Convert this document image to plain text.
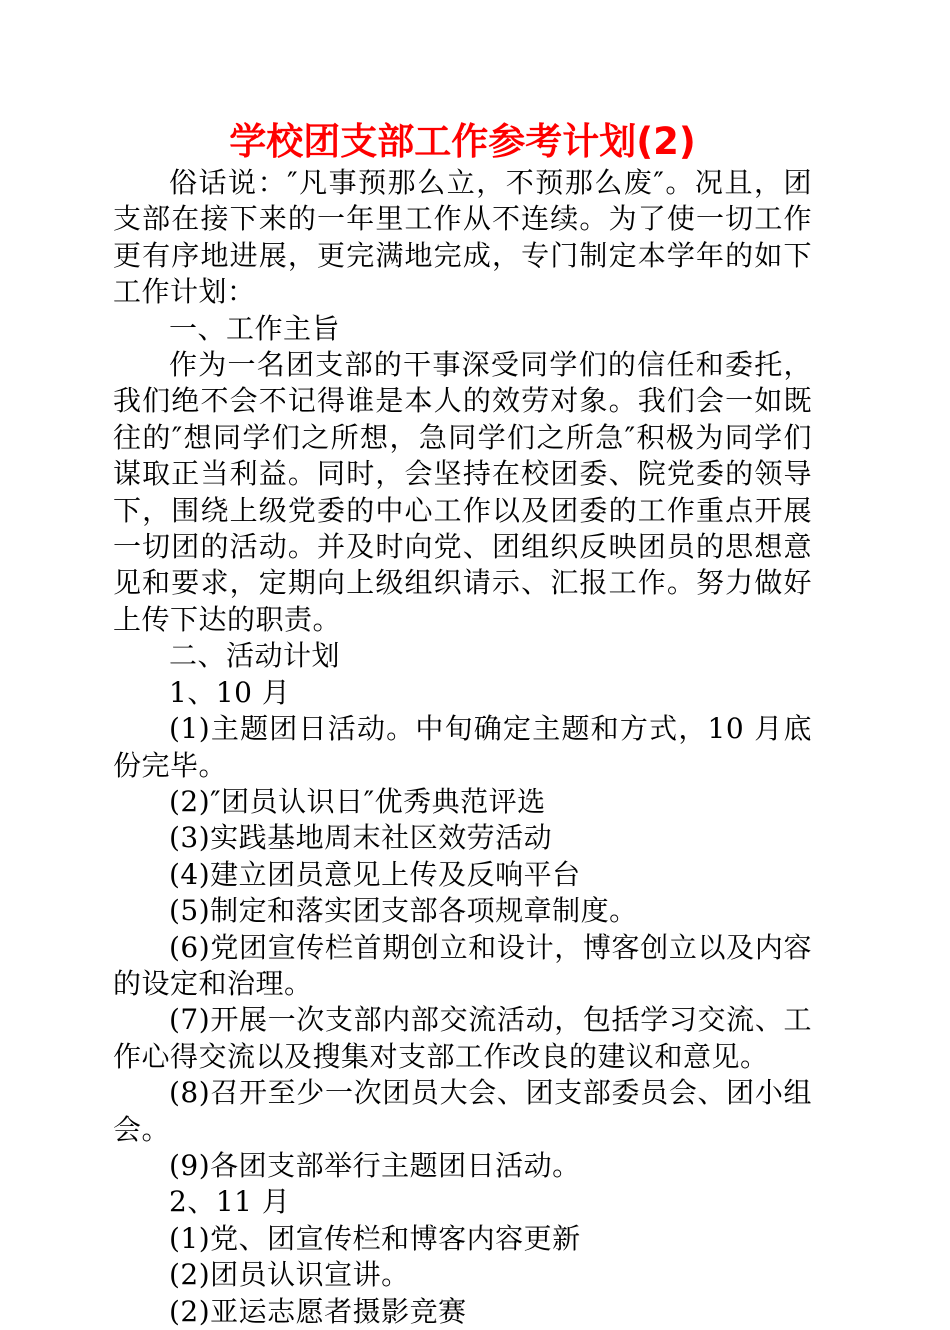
学校团支部工作参考计划(2)

俗话说：″凡事预那么立，不预那么废″。况且，团支部在接下来的一年里工作从不连续。为了使一切工作更有序地进展，更完满地完成，专门制定本学年的如下工作计划：

一、工作主旨

作为一名团支部的干事深受同学们的信任和委托，我们绝不会不记得谁是本人的效劳对象。我们会一如既往的″想同学们之所想，急同学们之所急″积极为同学们谋取正当利益。同时，会坚持在校团委、院党委的领导下，围绕上级党委的中心工作以及团委的工作重点开展一切团的活动。并及时向党、团组织反映团员的思想意见和要求，定期向上级组织请示、汇报工作。努力做好上传下达的职责。

二、活动计划

1、10 月

(1)主题团日活动。中旬确定主题和方式，10 月底份完毕。

(2)″团员认识日″优秀典范评选

(3)实践基地周末社区效劳活动

(4)建立团员意见上传及反响平台

(5)制定和落实团支部各项规章制度。

(6)党团宣传栏首期创立和设计，博客创立以及内容的设定和治理。

(7)开展一次支部内部交流活动，包括学习交流、工作心得交流以及搜集对支部工作改良的建议和意见。

(8)召开至少一次团员大会、团支部委员会、团小组会。

(9)各团支部举行主题团日活动。

2、11 月

(1)党、团宣传栏和博客内容更新

(2)团员认识宣讲。

(2)亚运志愿者摄影竞赛
